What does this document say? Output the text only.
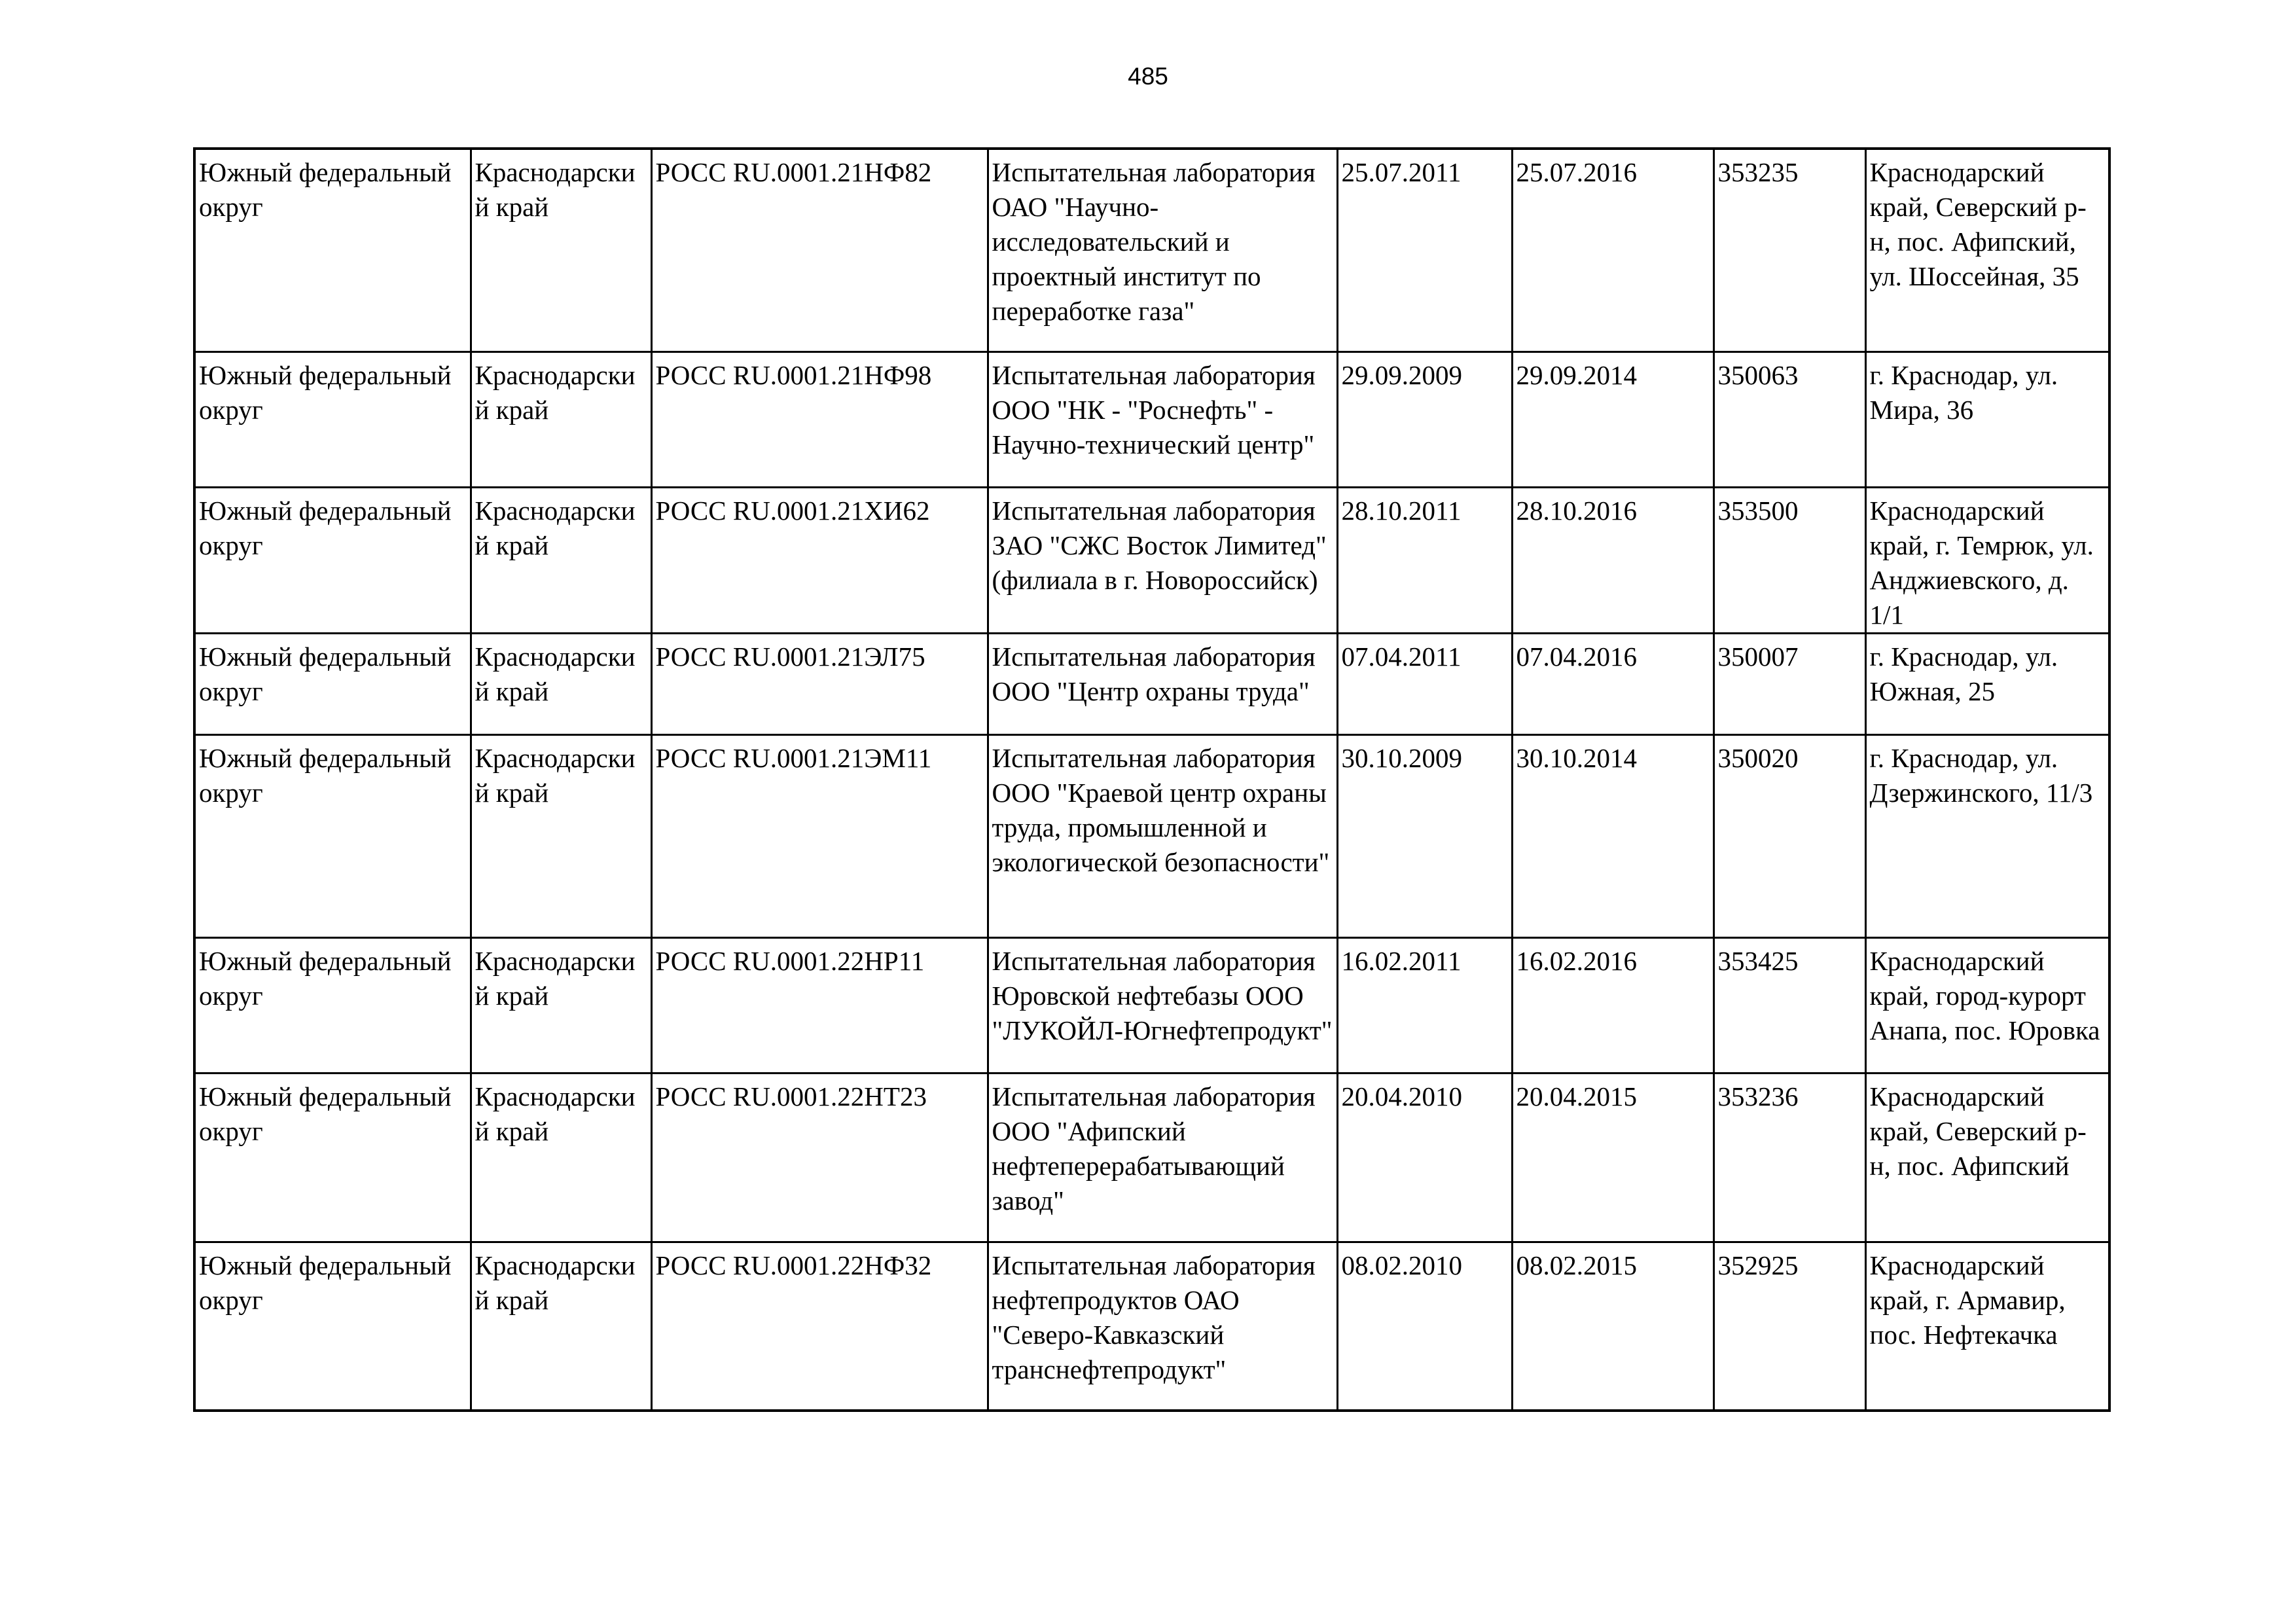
485
Южный федеральный округ	Краснодарский край	РОСС RU.0001.21НФ82	Испытательная лаборатория ОАО "Научно-исследовательский и проектный институт по переработке газа"	25.07.2011	25.07.2016	353235	Краснодарский край, Северский р-н, пос. Афипский, ул. Шоссейная, 35

Южный федеральный округ	Краснодарский край	РОСС RU.0001.21НФ98	Испытательная лаборатория ООО "НК - "Роснефть" - Научно-технический центр"	29.09.2009	29.09.2014	350063	г. Краснодар, ул. Мира, 36

Южный федеральный округ	Краснодарский край	РОСС RU.0001.21ХИ62	Испытательная лаборатория ЗАО "СЖС Восток Лимитед" (филиала в г. Новороссийск)	28.10.2011	28.10.2016	353500	Краснодарский край, г. Темрюк, ул. Анджиевского, д. 1/1

Южный федеральный округ	Краснодарский край	РОСС RU.0001.21ЭЛ75	Испытательная лаборатория ООО "Центр охраны труда"	07.04.2011	07.04.2016	350007	г. Краснодар, ул. Южная, 25

Южный федеральный округ	Краснодарский край	РОСС RU.0001.21ЭМ11	Испытательная лаборатория ООО "Краевой центр охраны труда, промышленной и экологической безопасности"	30.10.2009	30.10.2014	350020	г. Краснодар, ул. Дзержинского, 11/3

Южный федеральный округ	Краснодарский край	РОСС RU.0001.22НР11	Испытательная лаборатория Юровской нефтебазы ООО "ЛУКОЙЛ-Югнефтепродукт"	16.02.2011	16.02.2016	353425	Краснодарский край, город-курорт Анапа, пос. Юровка

Южный федеральный округ	Краснодарский край	РОСС RU.0001.22НТ23	Испытательная лаборатория ООО "Афипский нефтеперерабатывающий завод"	20.04.2010	20.04.2015	353236	Краснодарский край, Северский р-н, пос. Афипский

Южный федеральный округ	Краснодарский край	РОСС RU.0001.22НФ32	Испытательная лаборатория нефтепродуктов ОАО "Северо-Кавказский транснефтепродукт"	08.02.2010	08.02.2015	352925	Краснодарский край, г. Армавир, пос. Нефтекачка
